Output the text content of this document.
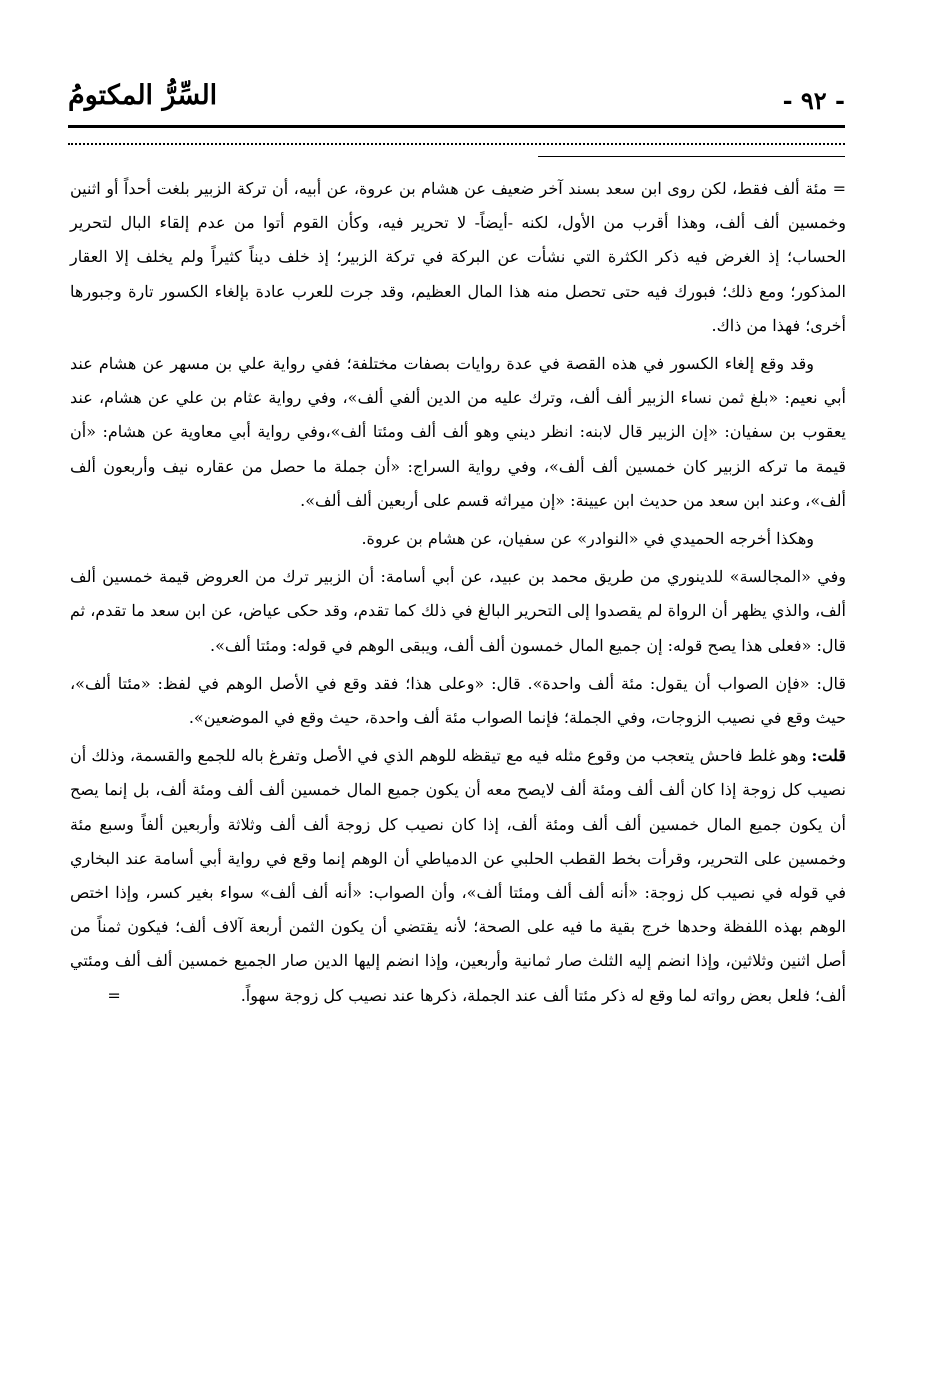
السِّرُّ المكتومُ	- ٩٢ -

= مئة ألف فقط، لكن روى ابن سعد بسند آخر ضعيف عن هشام بن عروة، عن أبيه، أن تركة الزبير بلغت أحداً أو اثنين وخمسين ألف ألف، وهذا أقرب من الأول، لكنه -أيضاً- لا تحرير فيه، وكأن القوم أتوا من عدم إلقاء البال لتحرير الحساب؛ إذ الغرض فيه ذكر الكثرة التي نشأت عن البركة في تركة الزبير؛ إذ خلف ديناً كثيراً ولم يخلف إلا العقار المذكور؛ ومع ذلك؛ فبورك فيه حتى تحصل منه هذا المال العظيم، وقد جرت للعرب عادة بإلغاء الكسور تارة وجبورها أخرى؛ فهذا من ذاك.

وقد وقع إلغاء الكسور في هذه القصة في عدة روايات بصفات مختلفة؛ ففي رواية علي بن مسهر عن هشام عند أبي نعيم: «بلغ ثمن نساء الزبير ألف ألف، وترك عليه من الدين ألفي ألف»، وفي رواية عثام بن علي عن هشام، عند يعقوب بن سفيان: «إن الزبير قال لابنه: انظر ديني وهو ألف ألف ومئتا ألف»،وفي رواية أبي معاوية عن هشام: «أن قيمة ما تركه الزبير كان خمسين ألف ألف»، وفي رواية السراج: «أن جملة ما حصل من عقاره نيف وأربعون ألف ألف»، وعند ابن سعد من حديث ابن عيينة: «إن ميراثه قسم على أربعين ألف ألف».

وهكذا أخرجه الحميدي في «النوادر» عن سفيان، عن هشام بن عروة.

وفي «المجالسة» للدينوري من طريق محمد بن عبيد، عن أبي أسامة: أن الزبير ترك من العروض قيمة خمسين ألف ألف، والذي يظهر أن الرواة لم يقصدوا إلى التحرير البالغ في ذلك كما تقدم، وقد حكى عياض، عن ابن سعد ما تقدم، ثم قال: «فعلى هذا يصح قوله: إن جميع المال خمسون ألف ألف، ويبقى الوهم في قوله: ومئتا ألف».

قال: «فإن الصواب أن يقول: مئة ألف واحدة». قال: «وعلى هذا؛ فقد وقع في الأصل الوهم في لفظ: «مئتا ألف»، حيث وقع في نصيب الزوجات، وفي الجملة؛ فإنما الصواب مئة ألف واحدة، حيث وقع في الموضعين».

قلت: وهو غلط فاحش يتعجب من وقوع مثله فيه مع تيقظه للوهم الذي في الأصل وتفرغ باله للجمع والقسمة، وذلك أن نصيب كل زوجة إذا كان ألف ألف ومئة ألف لايصح معه أن يكون جميع المال خمسين ألف ألف ومئة ألف، بل إنما يصح أن يكون جميع المال خمسين ألف ألف ومئة ألف، إذا كان نصيب كل زوجة ألف ألف وثلاثة وأربعين ألفاً وسبع مئة وخمسين على التحرير، وقرأت بخط القطب الحلبي عن الدمياطي أن الوهم إنما وقع في رواية أبي أسامة عند البخاري في قوله في نصيب كل زوجة: «أنه ألف ألف ومئتا ألف»، وأن الصواب: «أنه ألف ألف» سواء بغير كسر، وإذا اختص الوهم بهذه اللفظة وحدها خرج بقية ما فيه على الصحة؛ لأنه يقتضي أن يكون الثمن أربعة آلاف ألف؛ فيكون ثمناً من أصل اثنين وثلاثين، وإذا انضم إليه الثلث صار ثمانية وأربعين، وإذا انضم إليها الدين صار الجميع خمسين ألف ألف ومئتي ألف؛ فلعل بعض رواته لما وقع له ذكر مئتا ألف عند الجملة، ذكرها عند نصيب كل زوجة سهواً.=
